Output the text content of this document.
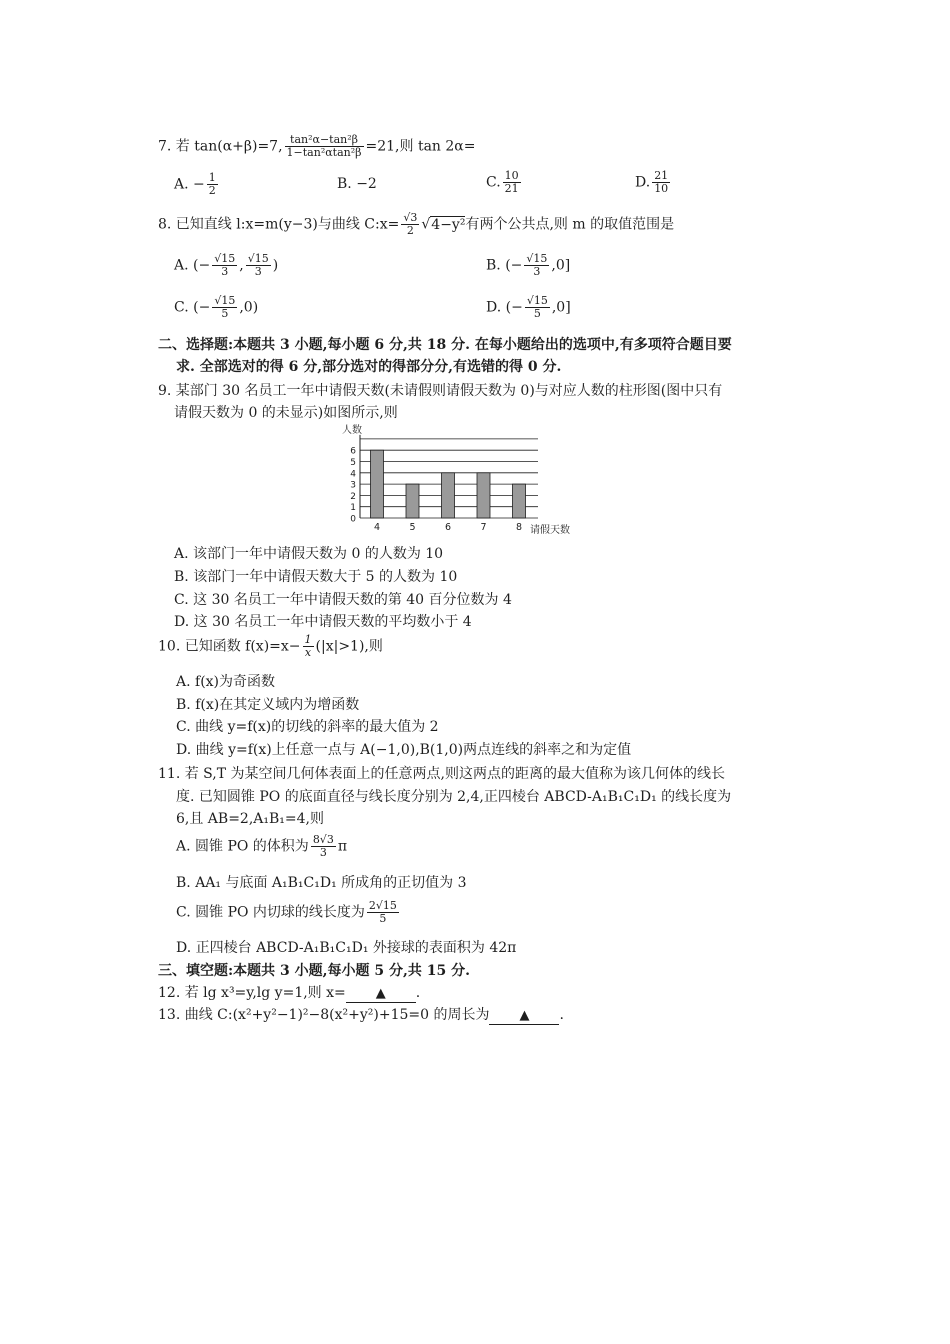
7. 若 tan(α+β)=7, $\frac{\text{tan²α−tan²β}}{\text{1−tan²αtan²β}} =21$,则 tan 2α=
A. − $\frac{1}{2}$	B. −2	C. $\frac{10}{21}$	D. $\frac{21}{10}$
8. 已知直线 l:x=m(y−3)与曲线 C:x= $\frac{√3}{2} √4-y^2$有两个公共点,则 m 的取值范围是
A. (− $\frac{√15}{3}$ , $\frac{√15}{3}$ )	B. (− $\frac{√15}{3} ,0$]
C. (− $\frac{√15}{5} ,0$)	D. (− $\frac{√15}{5} ,0$]
二、选择题:本题共 3 小题,每小题 6 分,共 18 分. 在每小题给出的选项中,有多项符合题目要
求. 全部选对的得 6 分,部分选对的得部分分,有选错的得 0 分.
9. 某部门 30 名员工一年中请假天数(未请假则请假天数为 0)与对应人数的柱形图(图中只有
请假天数为 0 的未显示)如图所示,则
人数
请假天数
0
1
2
3
4
5
6
4	5	6	7	8
A. 该部门一年中请假天数为 0 的人数为 10
B. 该部门一年中请假天数大于 5 的人数为 10
C. 这 30 名员工一年中请假天数的第 40 百分位数为 4
D. 这 30 名员工一年中请假天数的平均数小于 4
10. 已知函数 $f(x)=x- \frac{1}{x} (|x|>1)$,则
A. f(x)为奇函数
B. f(x)在其定义域内为增函数
C. 曲线 y=f(x)的切线的斜率的最大值为 2
D. 曲线 y=f(x)上任意一点与 A(−1,0),B(1,0)两点连线的斜率之和为定值
11. 若 S,T 为某空间几何体表面上的任意两点,则这两点的距离的最大值称为该几何体的线长
度. 已知圆锥 PO 的底面直径与线长度分别为 2,4,正四棱台 ABCD-A₁B₁C₁D₁ 的线长度为
6,且 AB=2,A₁B₁=4,则
A. 圆锥 PO 的体积为 $\frac{8√3}{3}$ π
B. AA₁ 与底面 A₁B₁C₁D₁ 所成角的正切值为 3
C. 圆锥 PO 内切球的线长度为 $\frac{2√15}{5}$
D. 正四棱台 ABCD-A₁B₁C₁D₁ 外接球的表面积为 42π
三、填空题:本题共 3 小题,每小题 5 分,共 15 分.
12. 若 lg x³=y,lg y=1,则 x= ▲ .
13. 曲线 C:(x²+y²−1)²−8(x²+y²)+15=0 的周长为 ▲ .
